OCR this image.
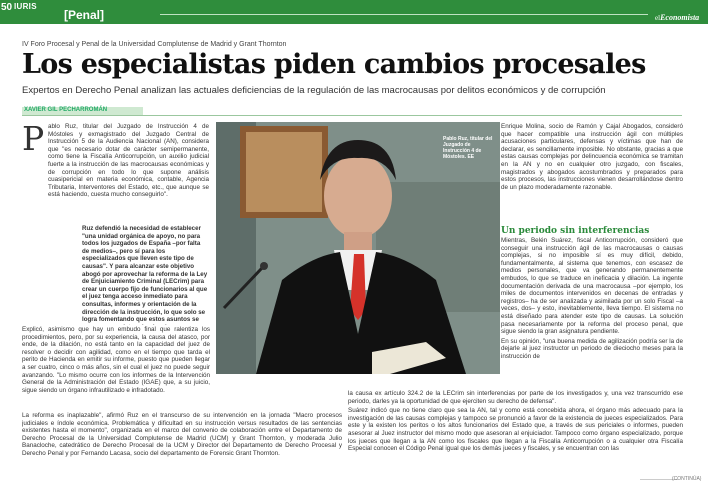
50 IURIS
[Penal]	elEconomista
IV Foro Procesal y Penal de la Universidad Complutense de Madrid y Grant Thornton
Los especialistas piden cambios procesales
Expertos en Derecho Penal analizan las actuales deficiencias de la regulación de las macrocausas por delitos económicos y de corrupción
XAVIER GIL PECHARROMÁN
P ablo Ruz, titular del Juzgado de Instrucción 4 de Móstoles y exmagistrado del Juzgado Central de Instrucción 5 de la Audiencia Nacional (AN), considera que "es necesario dotar de carácter semipermanente, como tiene la Fiscalía Anticorrupción, un auxilio judicial fuerte a la instrucción de las macrocausas económicas y de corrupción en todo lo que supone análisis cuasipericial en materia económica, contable, Agencia Tributaria, Interventores del Estado, etc., que aunque se está haciendo, cuesta mucho conseguirlo".

Ruz defendió la necesidad de establecer "una unidad orgánica de apoyo, no para todos los juzgados de España –por falta de medios–, pero sí para los especializados que lleven este tipo de causas". Y para alcanzar este objetivo abogó por aprovechar la reforma de la Ley de Enjuiciamiento Criminal (LECrim) para crear un cuerpo fijo de funcionarios al que el juez tenga acceso inmediato para consultas, informes y orientación de la dirección de la instrucción, lo que solo se logra fomentando que estos asuntos se

Explicó, asimismo que hay un embudo final que ralentiza los procedimientos, pero, por su experiencia, la causa del atasco, por ende, de la dilación, no está tanto en la capacidad del juez de resolver o decidir con agilidad, como en el tiempo que tarda el perito de Hacienda en emitir su informe, puesto que pueden llegar a ser cuatro, cinco o más años, sin el cual el juez no puede seguir avanzando. "Lo mismo ocurre con los informes de la Intervención General de la Administración del Estado (IGAE) que, a su juicio, sigue siendo un órgano infrautilizado e infradotado.

La reforma es inaplazable", afirmó Ruz en el transcurso de su intervención en la jornada "Macro procesos judiciales e índole económica. Problemática y dificultad en su instrucción versus resultados de las sentencias existentes hasta el momento", organizada en el marco del convenio de colaboración entre el Departamento de Derecho Procesal de la Universidad Complutense de Madrid (UCM) y Grant Thornton, y moderada Julio Banacloche, catedrático de Derecho Procesal de la UCM y Director del Departamento de Derecho Procesal y Derecho Penal y por Fernando Lacasa, socio del departamento de Forensic Grant Thornton.

Pablo Ruz, titular del Juzgado de Instrucción 4 de Móstoles. EE

Enrique Molina, socio de Ramón y Cajal Abogados, consideró que hacer compatible una instrucción ágil con múltiples acusaciones particulares, defensas y víctimas que han de declarar, es sencillamente imposible. No obstante, gracias a que estas causas complejas por delincuencia económica se tramitan en la AN y no en cualquier otro juzgado, con fiscales, magistrados y abogados acostumbrados y preparados para estos procesos, las instrucciones vienen desarrollándose dentro de un plazo moderadamente razonable.

Un periodo sin interferencias

Mientras, Belén Suárez, fiscal Anticorrupción, consideró que conseguir una instrucción ágil de las macrocausas o causas complejas, si no imposible sí es muy difícil, debido, fundamentalmente, al sistema que tenemos, con escasez de medios personales, que va generando permanentemente embudos, lo que se traduce en ineficacia y dilación. La ingente documentación derivada de una macrocausa –por ejemplo, los miles de documentos intervenidos en decenas de entradas y registros– ha de ser analizada y asimilada por un solo Fiscal –a veces, dos– y esto, inevitablemente, lleva tiempo. El sistema no está diseñado para atender este tipo de causas. La solución pasa necesariamente por la reforma del proceso penal, que sigue siendo la gran asignatura pendiente.

En su opinión, "una buena medida de agilización podría ser la de dejarle al juez instructor un periodo de dieciocho meses para la instrucción de

la causa ex artículo 324.2 de la LECrim sin interferencias por parte de los investigados y, una vez transcurrido ese periodo, darles ya la oportunidad de que ejerciten su derecho de defensa".

Suárez indicó que no tiene claro que sea la AN, tal y como está concebida ahora, el órgano más adecuado para la investigación de las causas complejas y tampoco se pronunció a favor de la existencia de jueces especializados. Para este y la existen los peritos o los altos funcionarios del Estado que, a través de sus periciales o informes, pueden asesorar al Juez instructor del mismo modo que asesoran al enjuiciador. Tampoco como órgano especializado, porque los jueces que llegan a la AN como los fiscales que llegan a la Fiscalía Anticorrupción o a cualquier otra Fiscalía Especial conocen el Código Penal igual que los demás jueces y fiscales, y se encuentran con las

(CONTINÚA)
